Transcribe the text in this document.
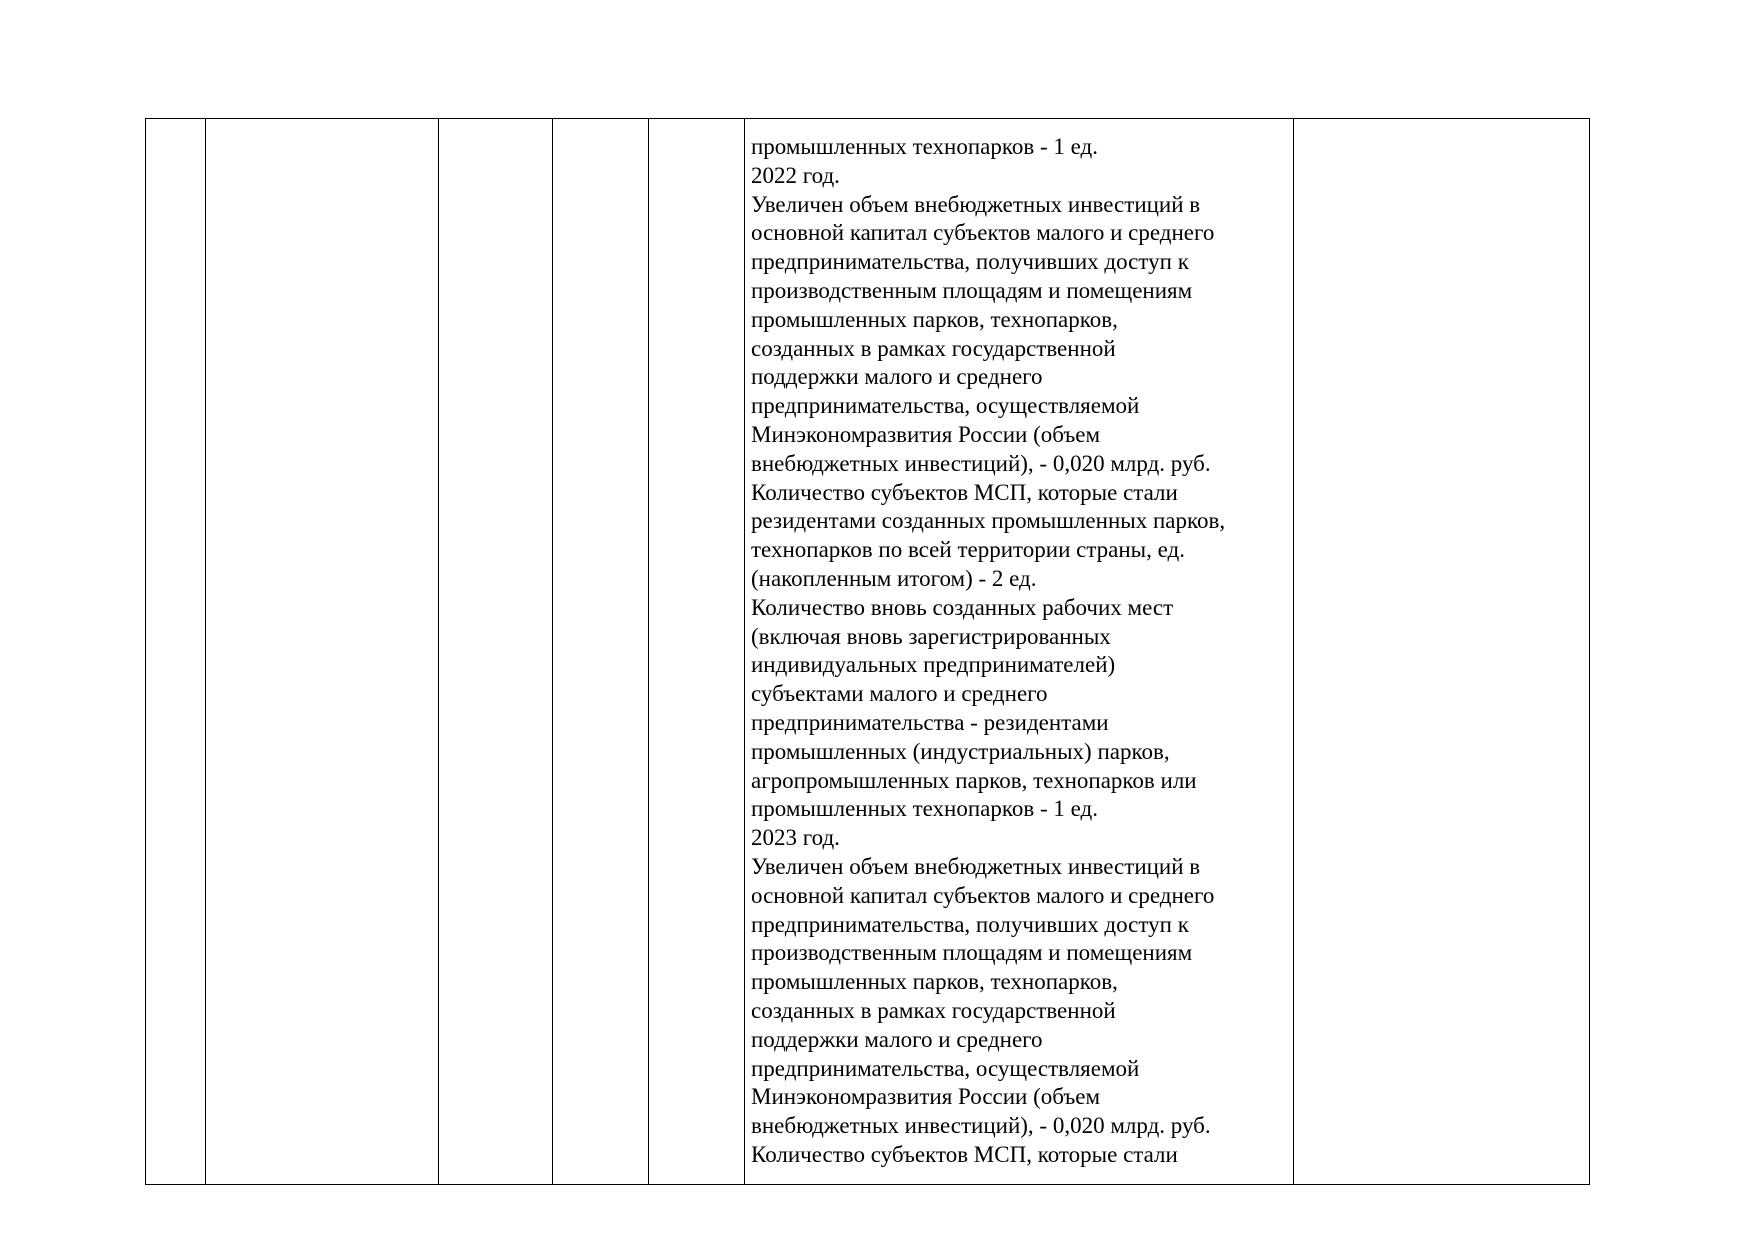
промышленных технопарков - 1 ед.
2022 год.
Увеличен объем внебюджетных инвестиций в
основной капитал субъектов малого и среднего
предпринимательства, получивших доступ к
производственным площадям и помещениям
промышленных парков, технопарков,
созданных в рамках государственной
поддержки малого и среднего
предпринимательства, осуществляемой
Минэкономразвития России (объем
внебюджетных инвестиций), - 0,020 млрд. руб.
Количество субъектов МСП, которые стали
резидентами созданных промышленных парков,
технопарков по всей территории страны, ед.
(накопленным итогом) - 2 ед.
Количество вновь созданных рабочих мест
(включая вновь зарегистрированных
индивидуальных предпринимателей)
субъектами малого и среднего
предпринимательства - резидентами
промышленных (индустриальных) парков,
агропромышленных парков, технопарков или
промышленных технопарков - 1 ед.
2023 год.
Увеличен объем внебюджетных инвестиций в
основной капитал субъектов малого и среднего
предпринимательства, получивших доступ к
производственным площадям и помещениям
промышленных парков, технопарков,
созданных в рамках государственной
поддержки малого и среднего
предпринимательства, осуществляемой
Минэкономразвития России (объем
внебюджетных инвестиций), - 0,020 млрд. руб.
Количество субъектов МСП, которые стали
